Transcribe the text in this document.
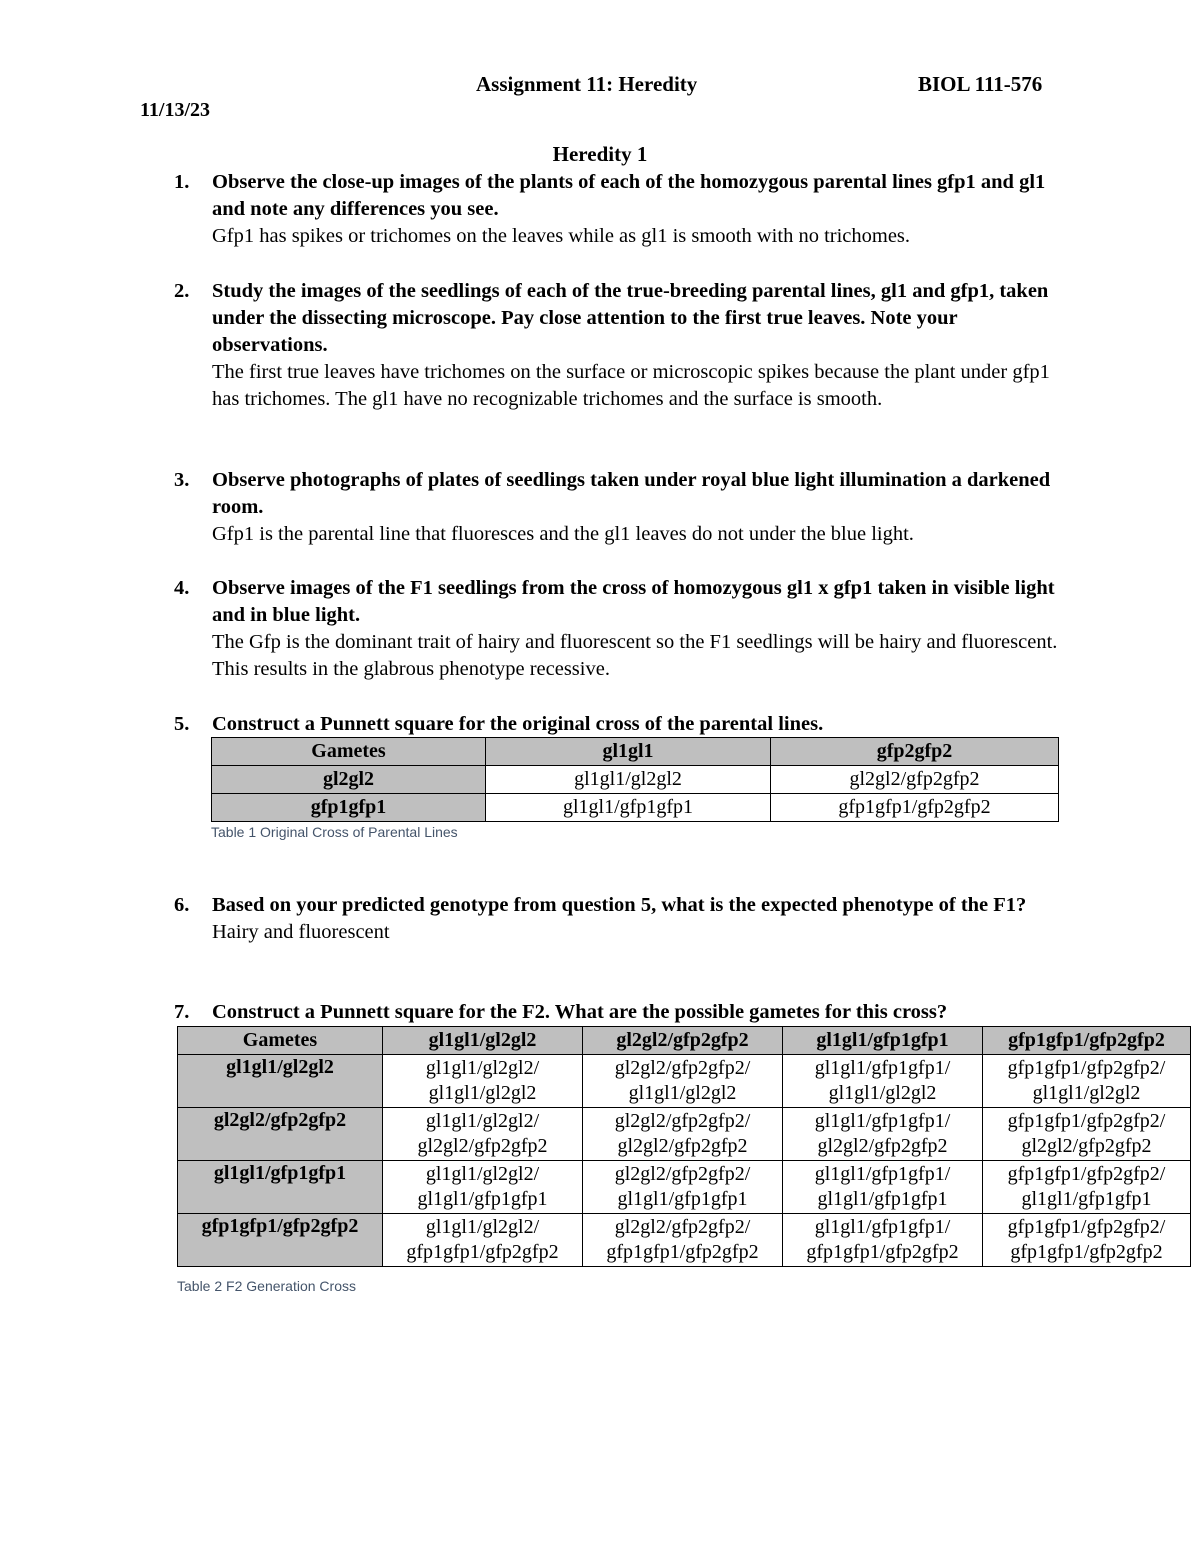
Assignment 11: Heredity	BIOL 111-576
11/13/23
Heredity 1
1. Observe the close-up images of the plants of each of the homozygous parental lines gfp1 and gl1 and note any differences you see.
Gfp1 has spikes or trichomes on the leaves while as gl1 is smooth with no trichomes.
2. Study the images of the seedlings of each of the true-breeding parental lines, gl1 and gfp1, taken under the dissecting microscope. Pay close attention to the first true leaves. Note your observations.
The first true leaves have trichomes on the surface or microscopic spikes because the plant under gfp1 has trichomes. The gl1 have no recognizable trichomes and the surface is smooth.
3. Observe photographs of plates of seedlings taken under royal blue light illumination a darkened room.
Gfp1 is the parental line that fluoresces and the gl1 leaves do not under the blue light.
4. Observe images of the F1 seedlings from the cross of homozygous gl1 x gfp1 taken in visible light and in blue light.
The Gfp is the dominant trait of hairy and fluorescent so the F1 seedlings will be hairy and fluorescent. This results in the glabrous phenotype recessive.
5. Construct a Punnett square for the original cross of the parental lines.
Gametes	gl1gl1	gfp2gfp2
gl2gl2	gl1gl1/gl2gl2	gl2gl2/gfp2gfp2
gfp1gfp1	gl1gl1/gfp1gfp1	gfp1gfp1/gfp2gfp2
Table 1 Original Cross of Parental Lines
6. Based on your predicted genotype from question 5, what is the expected phenotype of the F1?
Hairy and fluorescent
7. Construct a Punnett square for the F2. What are the possible gametes for this cross?
Gametes	gl1gl1/gl2gl2	gl2gl2/gfp2gfp2	gl1gl1/gfp1gfp1	gfp1gfp1/gfp2gfp2
gl1gl1/gl2gl2	gl1gl1/gl2gl2/ gl1gl1/gl2gl2	gl2gl2/gfp2gfp2/ gl1gl1/gl2gl2	gl1gl1/gfp1gfp1/ gl1gl1/gl2gl2	gfp1gfp1/gfp2gfp2/ gl1gl1/gl2gl2
gl2gl2/gfp2gfp2	gl1gl1/gl2gl2/ gl2gl2/gfp2gfp2	gl2gl2/gfp2gfp2/ gl2gl2/gfp2gfp2	gl1gl1/gfp1gfp1/ gl2gl2/gfp2gfp2	gfp1gfp1/gfp2gfp2/ gl2gl2/gfp2gfp2
gl1gl1/gfp1gfp1	gl1gl1/gl2gl2/ gl1gl1/gfp1gfp1	gl2gl2/gfp2gfp2/ gl1gl1/gfp1gfp1	gl1gl1/gfp1gfp1/ gl1gl1/gfp1gfp1	gfp1gfp1/gfp2gfp2/ gl1gl1/gfp1gfp1
gfp1gfp1/gfp2gfp2	gl1gl1/gl2gl2/ gfp1gfp1/gfp2gfp2	gl2gl2/gfp2gfp2/ gfp1gfp1/gfp2gfp2	gl1gl1/gfp1gfp1/ gfp1gfp1/gfp2gfp2	gfp1gfp1/gfp2gfp2/ gfp1gfp1/gfp2gfp2
Table 2 F2 Generation Cross
